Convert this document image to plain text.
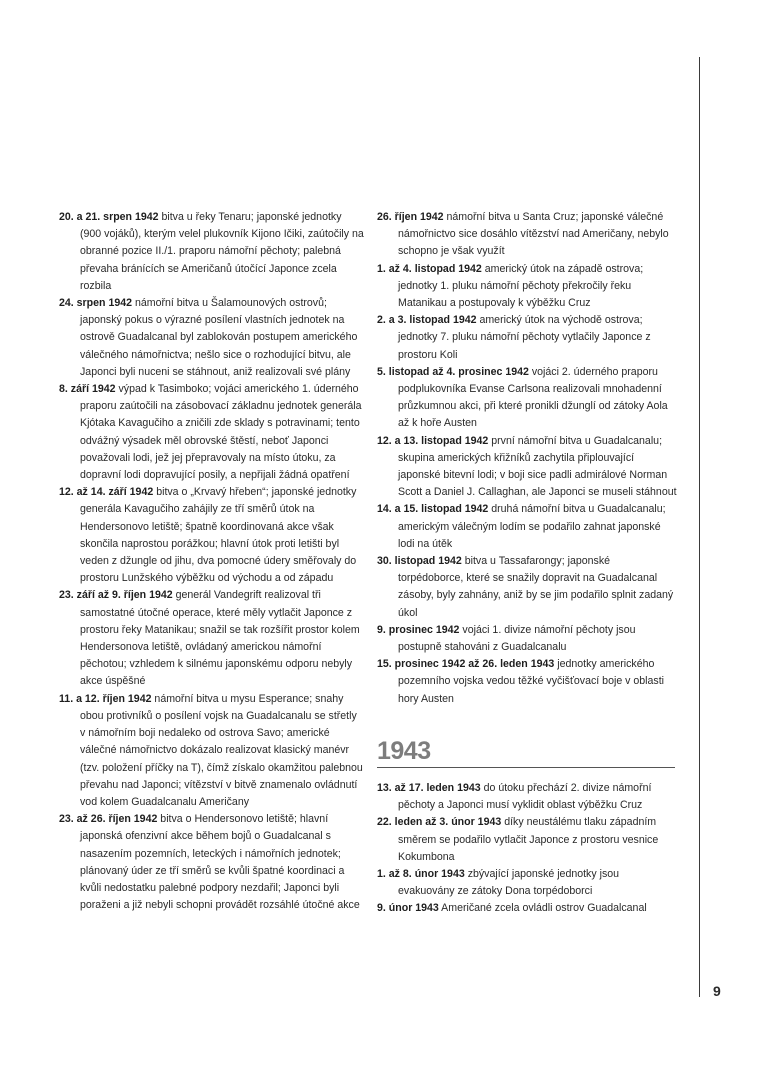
20. a 21. srpen 1942 bitva u řeky Tenaru; japonské jednotky (900 vojáků), kterým velel plukovník Kijono Ičiki, zaútočily na obranné pozice II./1. praporu námořní pěchoty; palebná převaha bránících se Američanů útočící Japonce zcela rozbila

24. srpen 1942 námořní bitva u Šalamounových ostrovů; japonský pokus o výrazné posílení vlastních jednotek na ostrově Guadalcanal byl zablokován postupem amerického válečného námořnictva; nešlo sice o rozhodující bitvu, ale Japonci byli nuceni se stáhnout, aniž realizovali své plány

8. září 1942 výpad k Tasimboko; vojáci amerického 1. úderného praporu zaútočili na zásobovací základnu jednotek generála Kjótaka Kavagučiho a zničili zde sklady s potravinami; tento odvážný výsadek měl obrovské štěstí, neboť Japonci považovali lodi, jež jej přepravovaly na místo útoku, za dopravní lodi dopravující posily, a nepřijali žádná opatření

12. až 14. září 1942 bitva o „Krvavý hřeben“; japonské jednotky generála Kavagučiho zahájily ze tří směrů útok na Hendersonovo letiště; špatně koordinovaná akce však skončila naprostou porážkou; hlavní útok proti letišti byl veden z džungle od jihu, dva pomocné údery směřovaly do prostoru Lunžského výběžku od východu a od západu

23. září až 9. říjen 1942 generál Vandegrift realizoval tři samostatné útočné operace, které měly vytlačit Japonce z prostoru řeky Matanikau; snažil se tak rozšířit prostor kolem Hendersonova letiště, ovládaný americkou námořní pěchotou; vzhledem k silnému japonskému odporu nebyly akce úspěšné

11. a 12. říjen 1942 námořní bitva u mysu Esperance; snahy obou protivníků o posílení vojsk na Guadalcanalu se střetly v námořním boji nedaleko od ostrova Savo; americké válečné námořnictvo dokázalo realizovat klasický manévr (tzv. položení příčky na T), čímž získalo okamžitou palebnou převahu nad Japonci; vítězství v bitvě znamenalo ovládnutí vod kolem Guadalcanalu Američany

23. až 26. říjen 1942 bitva o Hendersonovo letiště; hlavní japonská ofenzivní akce během bojů o Guadalcanal s nasazením pozemních, leteckých i námořních jednotek; plánovaný úder ze tří směrů se kvůli špatné koordinaci a kvůli nedostatku palebné podpory nezdařil; Japonci byli poraženi a již nebyli schopni provádět rozsáhlé útočné akce

26. říjen 1942 námořní bitva u Santa Cruz; japonské válečné námořnictvo sice dosáhlo vítězství nad Američany, nebylo schopno je však využít

1. až 4. listopad 1942 americký útok na západě ostrova; jednotky 1. pluku námořní pěchoty překročily řeku Matanikau a postupovaly k výběžku Cruz

2. a 3. listopad 1942 americký útok na východě ostrova; jednotky 7. pluku námořní pěchoty vytlačily Japonce z prostoru Koli

5. listopad až 4. prosinec 1942 vojáci 2. úderného praporu podplukovníka Evanse Carlsona realizovali mnohadenní průzkumnou akci, při které pronikli džunglí od zátoky Aola až k hoře Austen

12. a 13. listopad 1942 první námořní bitva u Guadalcanalu; skupina amerických křižníků zachytila připlouvající japonské bitevní lodi; v boji sice padli admirálové Norman Scott a Daniel J. Callaghan, ale Japonci se museli stáhnout

14. a 15. listopad 1942 druhá námořní bitva u Guadalcanalu; americkým válečným lodím se podařilo zahnat japonské lodi na útěk

30. listopad 1942 bitva u Tassafarongy; japonské torpédoborce, které se snažily dopravit na Guadalcanal zásoby, byly zahnány, aniž by se jim podařilo splnit zadaný úkol

9. prosinec 1942 vojáci 1. divize námořní pěchoty jsou postupně stahováni z Guadalcanalu

15. prosinec 1942 až 26. leden 1943 jednotky amerického pozemního vojska vedou těžké vyčišťovací boje v oblasti hory Austen

1943

13. až 17. leden 1943 do útoku přechází 2. divize námořní pěchoty a Japonci musí vyklidit oblast výběžku Cruz

22. leden až 3. únor 1943 díky neustálému tlaku západním směrem se podařilo vytlačit Japonce z prostoru vesnice Kokumbona

1. až 8. únor 1943 zbývající japonské jednotky jsou evakuovány ze zátoky Dona torpédoborci

9. únor 1943 Američané zcela ovládli ostrov Guadalcanal

9
